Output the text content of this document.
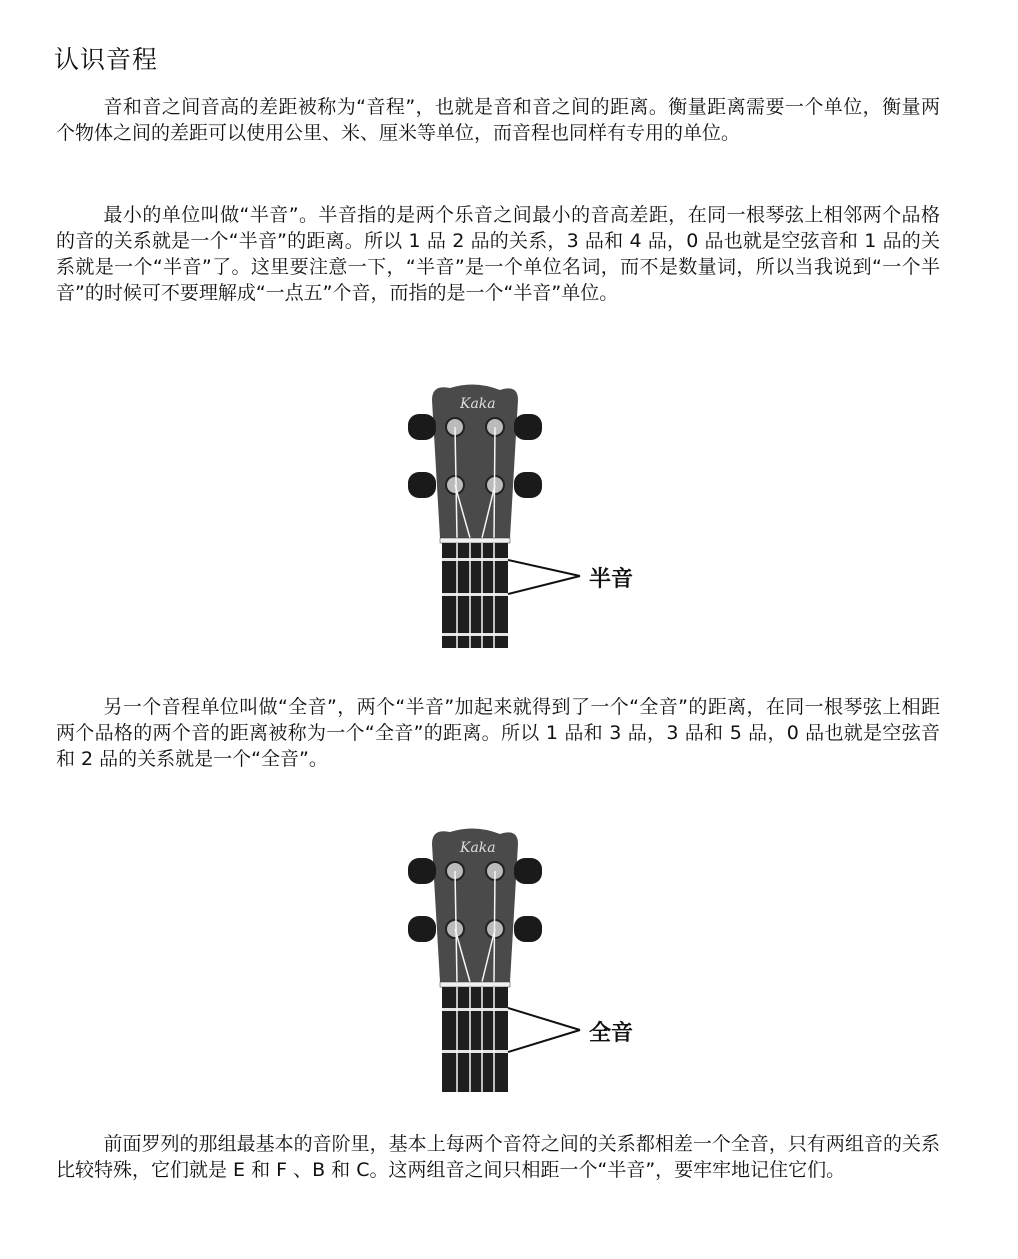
认识音程

音和音之间音高的差距被称为“音程”，也就是音和音之间的距离。衡量距离需要一个单位，衡量两个物体之间的差距可以使用公里、米、厘米等单位，而音程也同样有专用的单位。

最小的单位叫做“半音”。半音指的是两个乐音之间最小的音高差距，在同一根琴弦上相邻两个品格的音的关系就是一个“半音”的距离。所以 1 品 2 品的关系，3 品和 4 品，0 品也就是空弦音和 1 品的关系就是一个“半音”了。这里要注意一下，“半音”是一个单位名词，而不是数量词，所以当我说到“一个半音”的时候可不要理解成“一点五”个音，而指的是一个“半音”单位。

Kaka
半音

另一个音程单位叫做“全音”，两个“半音”加起来就得到了一个“全音”的距离，在同一根琴弦上相距两个品格的两个音的距离被称为一个“全音”的距离。所以 1 品和 3 品，3 品和 5 品，0 品也就是空弦音和 2 品的关系就是一个“全音”。

Kaka
全音

前面罗列的那组最基本的音阶里，基本上每两个音符之间的关系都相差一个全音，只有两组音的关系比较特殊，它们就是 E 和 F 、B 和 C。这两组音之间只相距一个“半音”，要牢牢地记住它们。
